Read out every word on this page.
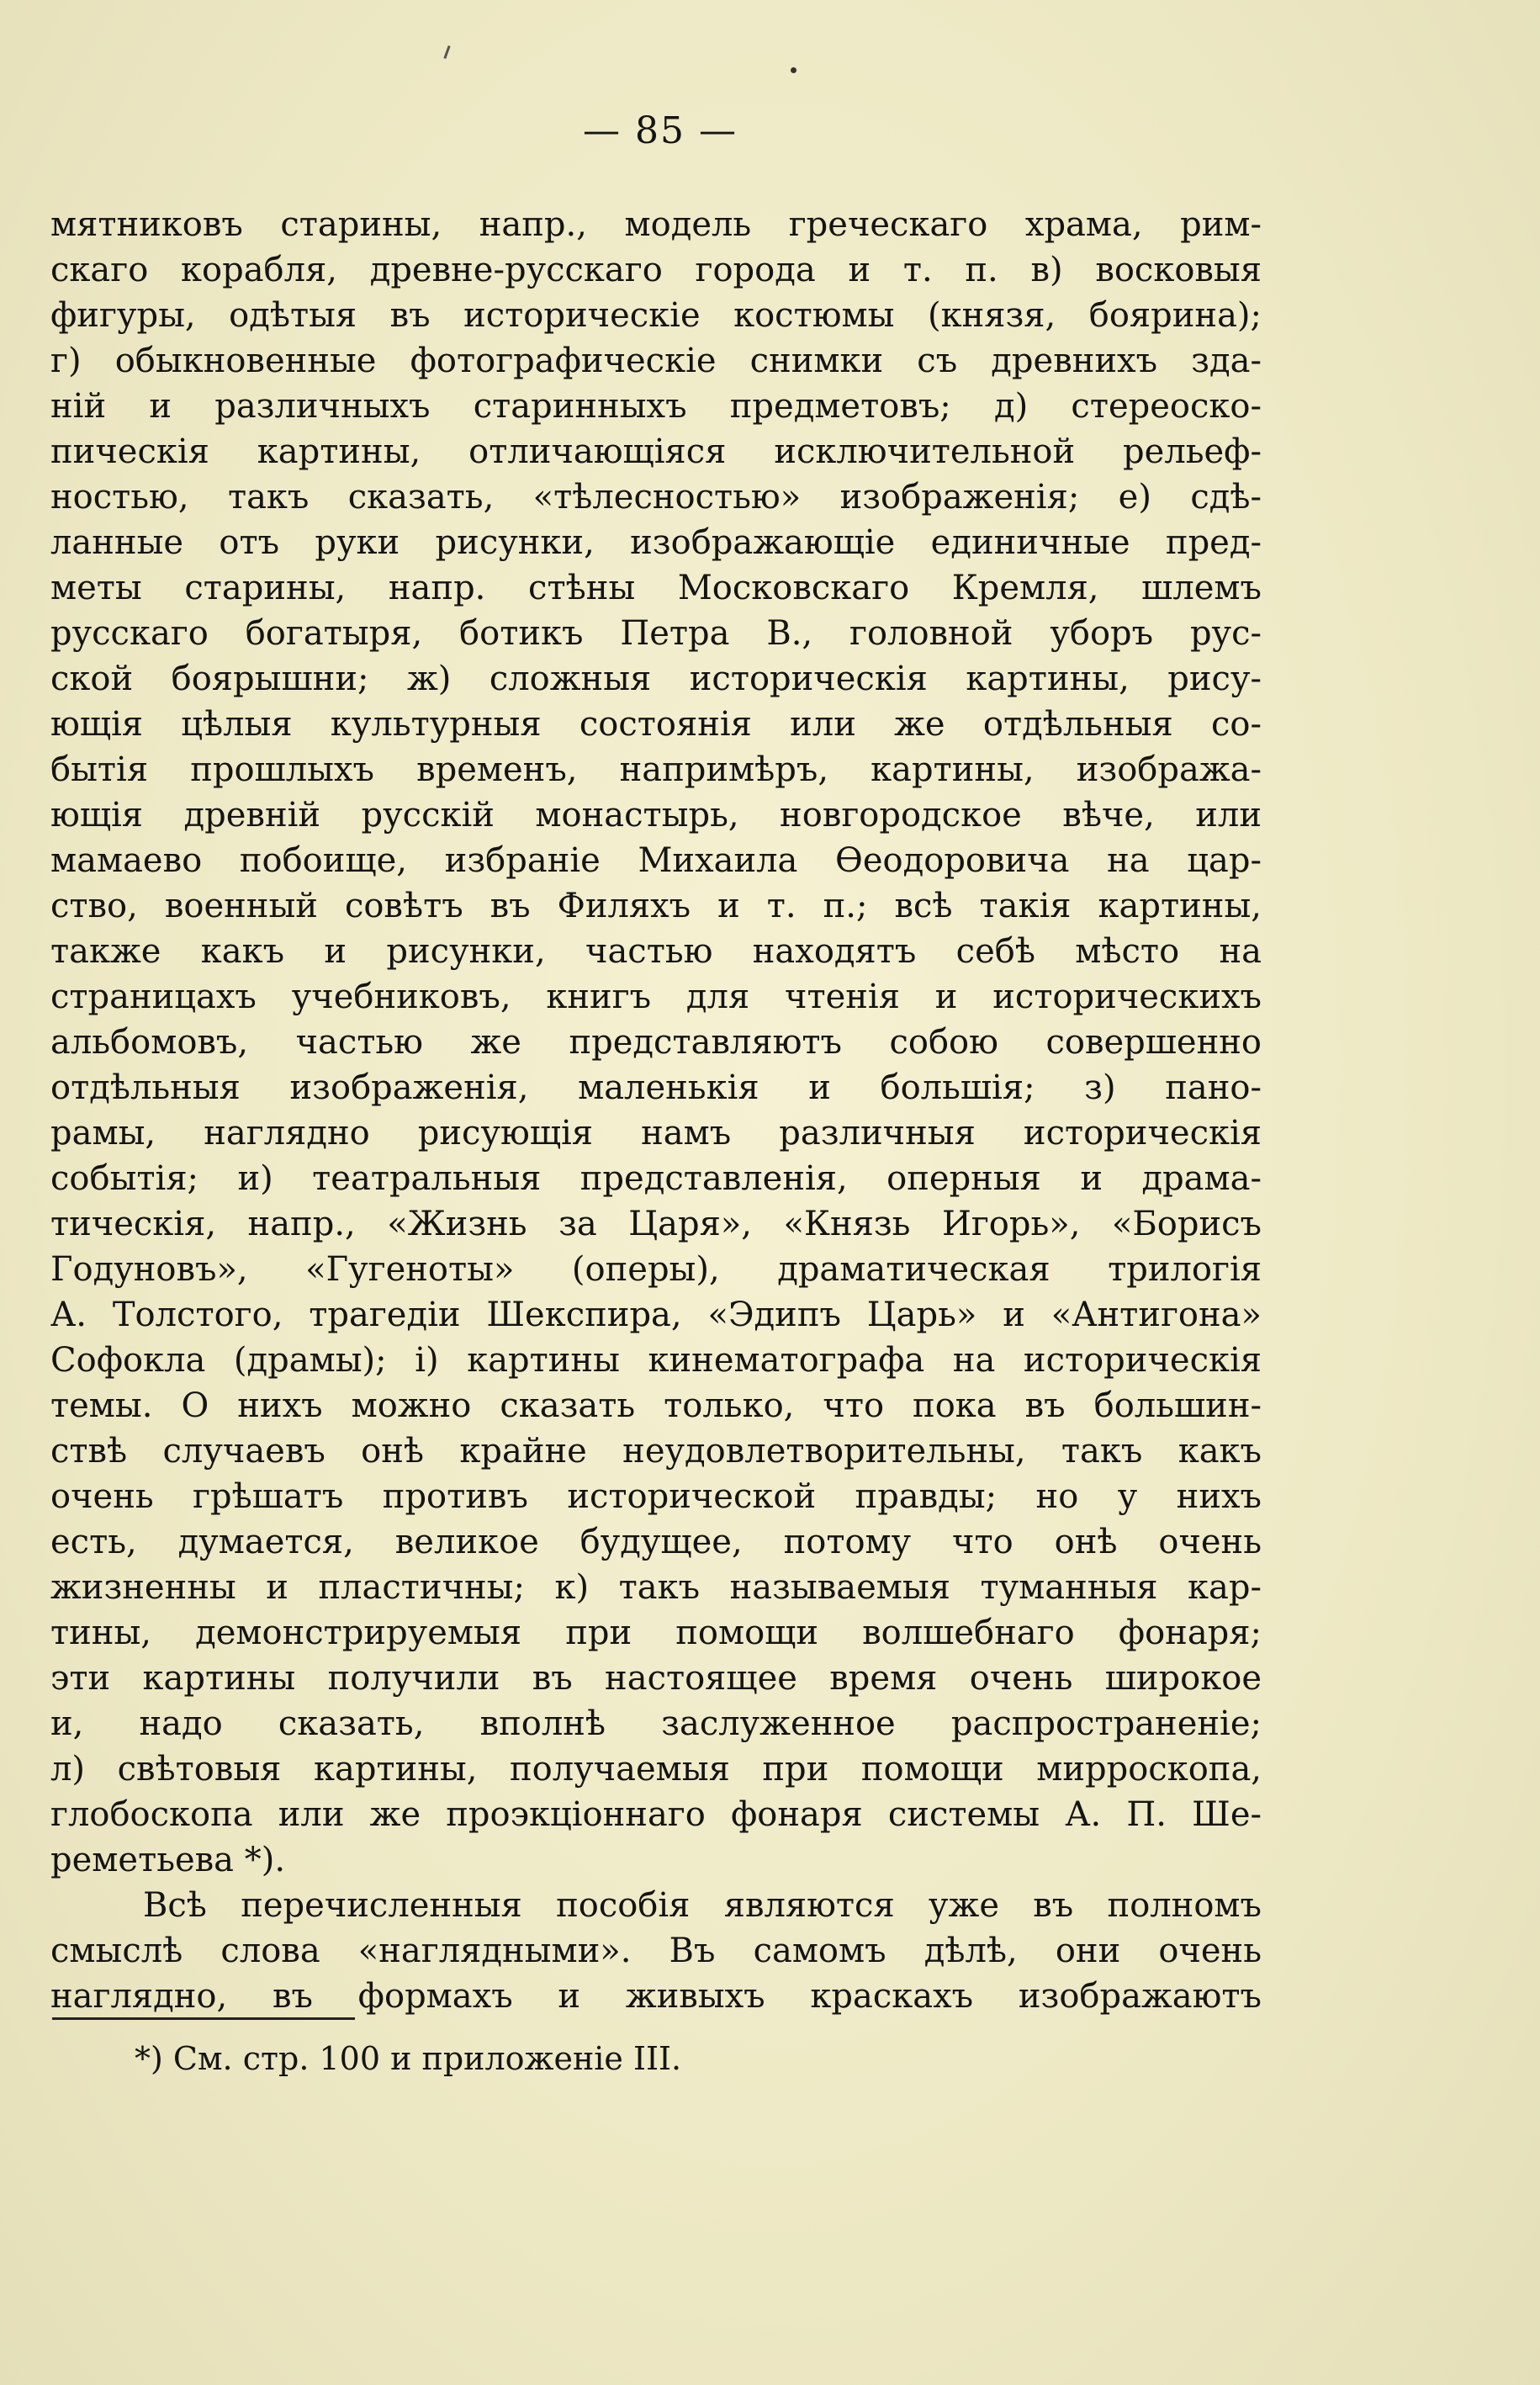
— 85 —
мятниковъ старины, напр., модель греческаго храма, рим-
скаго корабля, древне-русскаго города и т. п. в) восковыя
фигуры, одѣтыя въ историческіе костюмы (князя, боярина);
г) обыкновенные фотографическіе снимки съ древнихъ зда-
ній и различныхъ старинныхъ предметовъ; д) стереоско-
пическія картины, отличающіяся исключительной рельеф-
ностью, такъ сказать, «тѣлесностью» изображенія; е) сдѣ-
ланные отъ руки рисунки, изображающіе единичные пред-
меты старины, напр. стѣны Московскаго Кремля, шлемъ
русскаго богатыря, ботикъ Петра В., головной уборъ рус-
ской боярышни; ж) сложныя историческія картины, рису-
ющія цѣлыя культурныя состоянія или же отдѣльныя со-
бытія прошлыхъ временъ, напримѣръ, картины, изобража-
ющія древній русскій монастырь, новгородское вѣче, или
мамаево побоище, избраніе Михаила Ѳеодоровича на цар-
ство, военный совѣтъ въ Филяхъ и т. п.; всѣ такія картины,
также какъ и рисунки, частью находятъ себѣ мѣсто на
страницахъ учебниковъ, книгъ для чтенія и историческихъ
альбомовъ, частью же представляютъ собою совершенно
отдѣльныя изображенія, маленькія и большія; з) пано-
рамы, наглядно рисующія намъ различныя историческія
событія; и) театральныя представленія, оперныя и драма-
тическія, напр., «Жизнь за Царя», «Князь Игорь», «Борисъ
Годуновъ», «Гугеноты» (оперы), драматическая трилогія
А. Толстого, трагедіи Шекспира, «Эдипъ Царь» и «Антигона»
Софокла (драмы); і) картины кинематографа на историческія
темы. О нихъ можно сказать только, что пока въ большин-
ствѣ случаевъ онѣ крайне неудовлетворительны, такъ какъ
очень грѣшатъ противъ исторической правды; но у нихъ
есть, думается, великое будущее, потому что онѣ очень
жизненны и пластичны; к) такъ называемыя туманныя кар-
тины, демонстрируемыя при помощи волшебнаго фонаря;
эти картины получили въ настоящее время очень широкое
и, надо сказать, вполнѣ заслуженное распространеніе;
л) свѣтовыя картины, получаемыя при помощи мирроскопа,
глобоскопа или же проэкціоннаго фонаря системы А. П. Ше-
реметьева *).
Всѣ перечисленныя пособія являются уже въ полномъ
смыслѣ слова «наглядными». Въ самомъ дѣлѣ, они очень
наглядно, въ формахъ и живыхъ краскахъ изображаютъ
*) См. стр. 100 и приложеніе III.
